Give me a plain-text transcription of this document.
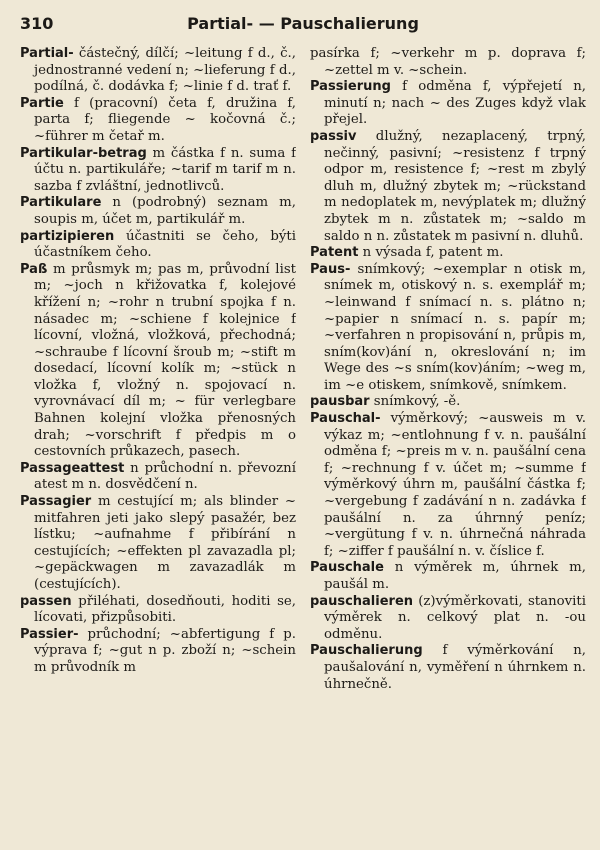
310	Partial- — Pauschalierung

Partial- částečný, dílčí; ~leitung f d., č., jednostranné vedení n; ~lieferung f d., podílná, č. dodávka f; ~linie f d. trať f.

Partie f (pracovní) četa f, družina f, parta f; fliegende ~ kočovná č.; ~führer m četař m.

Partikular-betrag m částka f n. suma f účtu n. partikuláře; ~tarif m tarif m n. sazba f zvláštní, jednotlivců.

Partikulare n (podrobný) seznam m, soupis m, účet m, partikulář m.

partizipieren účastniti se čeho, býti účastníkem čeho.

Paß m průsmyk m; pas m, průvodní list m; ~joch n křižovatka f, kolejové křížení n; ~rohr n trubní spojka f n. násadec m; ~schiene f kolejnice f lícovní, vložná, vložková, přechodná; ~schraube f lícovní šroub m; ~stift m dosedací, lícovní kolík m; ~stück n vložka f, vložný n. spojovací n. vyrovnávací díl m; ~ für verlegbare Bahnen kolejní vložka přenosných drah; ~vorschrift f předpis m o cestovních průkazech, pasech.

Passageattest n průchodní n. převozní atest m n. dosvědčení n.

Passagier m cestující m; als blinder ~ mitfahren jeti jako slepý pasažér, bez lístku; ~aufnahme f přibírání n cestujících; ~effekten pl zavazadla pl; ~gepäckwagen m zavazadlák m (cestujících).

passen přiléhati, dosedňouti, hoditi se, lícovati, přizpůsobiti.

Passier- průchodní; ~abfertigung f p. výprava f; ~gut n p. zboží n; ~schein m průvodník m

pasírka f; ~verkehr m p. doprava f; ~zettel m v. ~schein.

Passierung f odměna f, výpřejetí n, minutí n; nach ~ des Zuges když vlak přejel.

passiv dlužný, nezaplacený, trpný, nečinný, pasivní; ~resistenz f trpný odpor m, resistence f; ~rest m zbylý dluh m, dlužný zbytek m; ~rückstand m nedoplatek m, nevýplatek m; dlužný zbytek m n. zůstatek m; ~saldo m saldo n n. zůstatek m pasivní n. dluhů.

Patent n výsada f, patent m.

Paus- snímkový; ~exemplar n otisk m, snímek m, otiskový n. s. exemplář m; ~leinwand f snímací n. s. plátno n; ~papier n snímací n. s. papír m; ~verfahren n propisování n, průpis m, sním(kov)ání n, okreslování n; im Wege des ~s sním(kov)áním; ~weg m, im ~e otiskem, snímkově, snímkem.

pausbar snímkový, -ě.

Pauschal- výměrkový; ~ausweis m v. výkaz m; ~entlohnung f v. n. paušální odměna f; ~preis m v. n. paušální cena f; ~rechnung f v. účet m; ~summe f výměrkový úhrn m, paušální částka f; ~vergebung f zadávání n n. zadávka f paušální n. za úhrnný peníz; ~vergütung f v. n. úhrnečná náhrada f; ~ziffer f paušální n. v. číslice f.

Pauschale n výměrek m, úhrnek m, paušál m.

pauschalieren (z)výměrkovati, stanoviti výměrek n. celkový plat n. -ou odměnu.

Pauschalierung f výměrkování n, paušalování n, vyměření n úhrnkem n. úhrnečně.
